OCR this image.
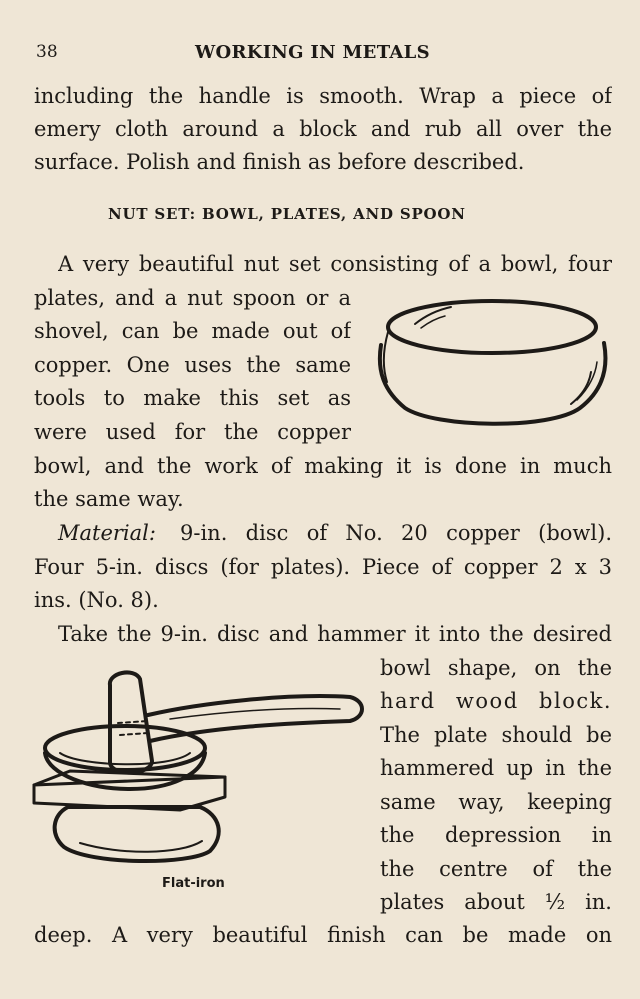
38	WORKING IN METALS
including the handle is smooth. Wrap a piece of
emery cloth around a block and rub all over the
surface. Polish and finish as before described.
NUT SET: BOWL, PLATES, AND SPOON
A very beautiful nut set consisting of a bowl, four
plates, and a nut spoon or a
shovel, can be made out of
copper. One uses the same
tools to make this set as
were used for the copper
bowl, and the work of making it is done in much
the same way.
Material: 9-in. disc of No. 20 copper (bowl).
Four 5-in. discs (for plates). Piece of copper 2 x 3
ins. (No. 8).
Take the 9-in. disc and hammer it into the desired
bowl shape, on the
hard wood block.
The plate should be
hammered up in the
same way, keeping
the depression in
the centre of the
plates about ½ in.
deep. A very beautiful finish can be made on
Flat-iron
